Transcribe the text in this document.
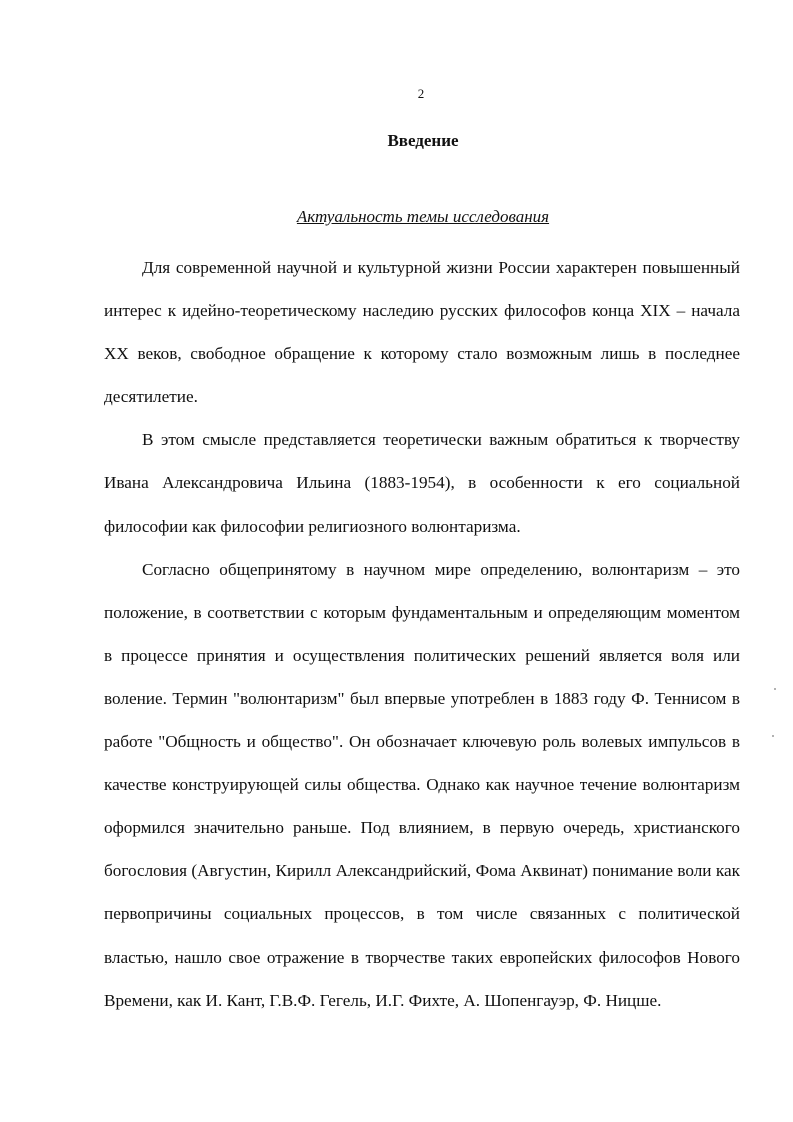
2
Введение
Актуальность темы исследования

Для современной научной и культурной жизни России характерен повышенный интерес к идейно-теоретическому наследию русских философов конца XIX – начала XX веков, свободное обращение к которому стало возможным лишь в последнее десятилетие.

В этом смысле представляется теоретически важным обратиться к творчеству Ивана Александровича Ильина (1883-1954), в особенности к его социальной философии как философии религиозного волюнтаризма.

Согласно общепринятому в научном мире определению, волюнтаризм – это положение, в соответствии с которым фундаментальным и определяющим моментом в процессе принятия и осуществления политических решений является воля или воление. Термин "волюнтаризм" был впервые употреблен в 1883 году Ф. Теннисом в работе "Общность и общество". Он обозначает ключевую роль волевых импульсов в качестве конструирующей силы общества. Однако как научное течение волюнтаризм оформился значительно раньше. Под влиянием, в первую очередь, христианского богословия (Августин, Кирилл Александрийский, Фома Аквинат) понимание воли как первопричины социальных процессов, в том числе связанных с политической властью, нашло свое отражение в творчестве таких европейских философов Нового Времени, как И. Кант, Г.В.Ф. Гегель, И.Г. Фихте, А. Шопенгауэр, Ф. Ницше.
